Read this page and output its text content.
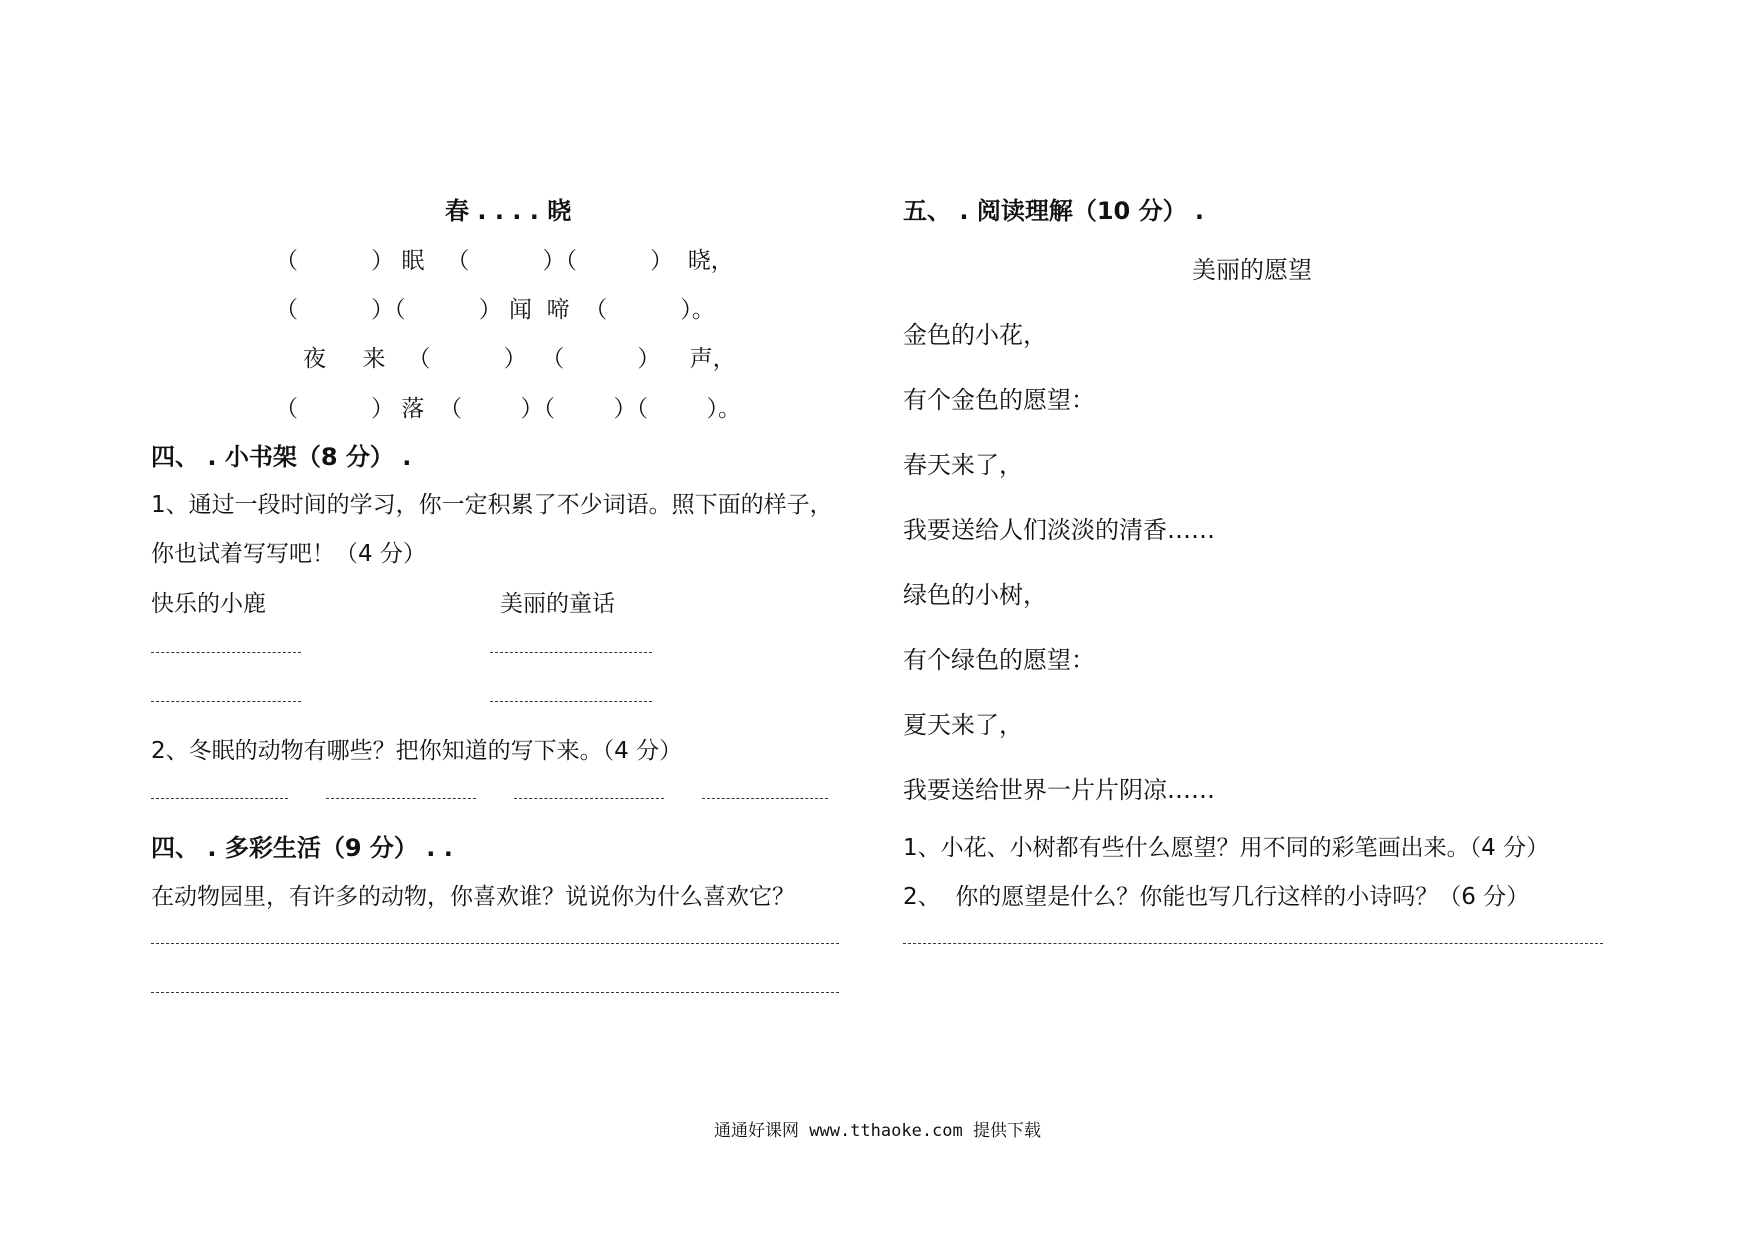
春 . . . . 晓
（          ） 眠   （          ）（          ）  晓，
（          ）（          ） 闻  啼  （          ）。
夜     来   （          ）  （          ）    声，
（          ） 落  （        ）（        ）（        ）。
四、 . 小书架（8 分） .
1、通过一段时间的学习，你一定积累了不少词语。照下面的样子，
你也试着写写吧！（4 分）
快乐的小鹿	美丽的童话
2、冬眠的动物有哪些？把你知道的写下来。（4 分）
四、 . 多彩生活（9 分） . .
在动物园里，有许多的动物，你喜欢谁？说说你为什么喜欢它？
五、 . 阅读理解（10 分） .
美丽的愿望
金色的小花，
有个金色的愿望：
春天来了，
我要送给人们淡淡的清香……
绿色的小树，
有个绿色的愿望：
夏天来了，
我要送给世界一片片阴凉……
1、小花、小树都有些什么愿望？用不同的彩笔画出来。（4 分）
2、  你的愿望是什么？你能也写几行这样的小诗吗？（6 分）
通通好课网 www.tthaoke.com 提供下载
